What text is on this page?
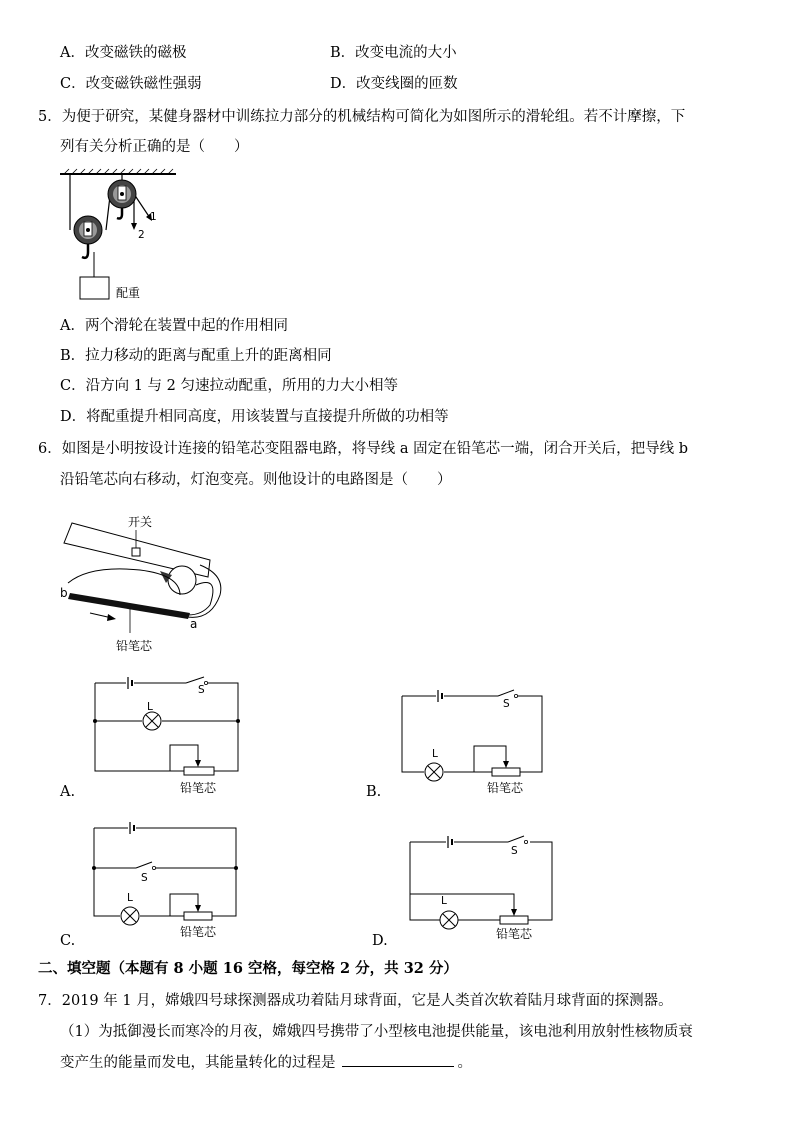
A．改变磁铁的磁极	B．改变电流的大小
C．改变磁铁磁性强弱	D．改变线圈的匝数
5．为便于研究，某健身器材中训练拉力部分的机械结构可简化为如图所示的滑轮组。若不计摩擦，下
列有关分析正确的是（　　）
1
2
配重
A．两个滑轮在装置中起的作用相同
B．拉力移动的距离与配重上升的距离相同
C．沿方向 1 与 2 匀速拉动配重，所用的力大小相等
D．将配重提升相同高度，用该装置与直接提升所做的功相等
6．如图是小明按设计连接的铅笔芯变阻器电路，将导线 a 固定在铅笔芯一端，闭合开关后，把导线 b
沿铅笔芯向右移动，灯泡变亮。则他设计的电路图是（　　）
开关
b
a
铅笔芯
S
L
铅笔芯
A.
S
L
铅笔芯
B.
S
L
铅笔芯
C.
S
L
铅笔芯
D.
二、填空题（本题有 8 小题 16 空格，每空格 2 分，共 32 分）
7．2019 年 1 月，嫦娥四号球探测器成功着陆月球背面，它是人类首次软着陆月球背面的探测器。
（1）为抵御漫长而寒冷的月夜，嫦娥四号携带了小型核电池提供能量，该电池利用放射性核物质衰
变产生的能量而发电，其能量转化的过程是	。
